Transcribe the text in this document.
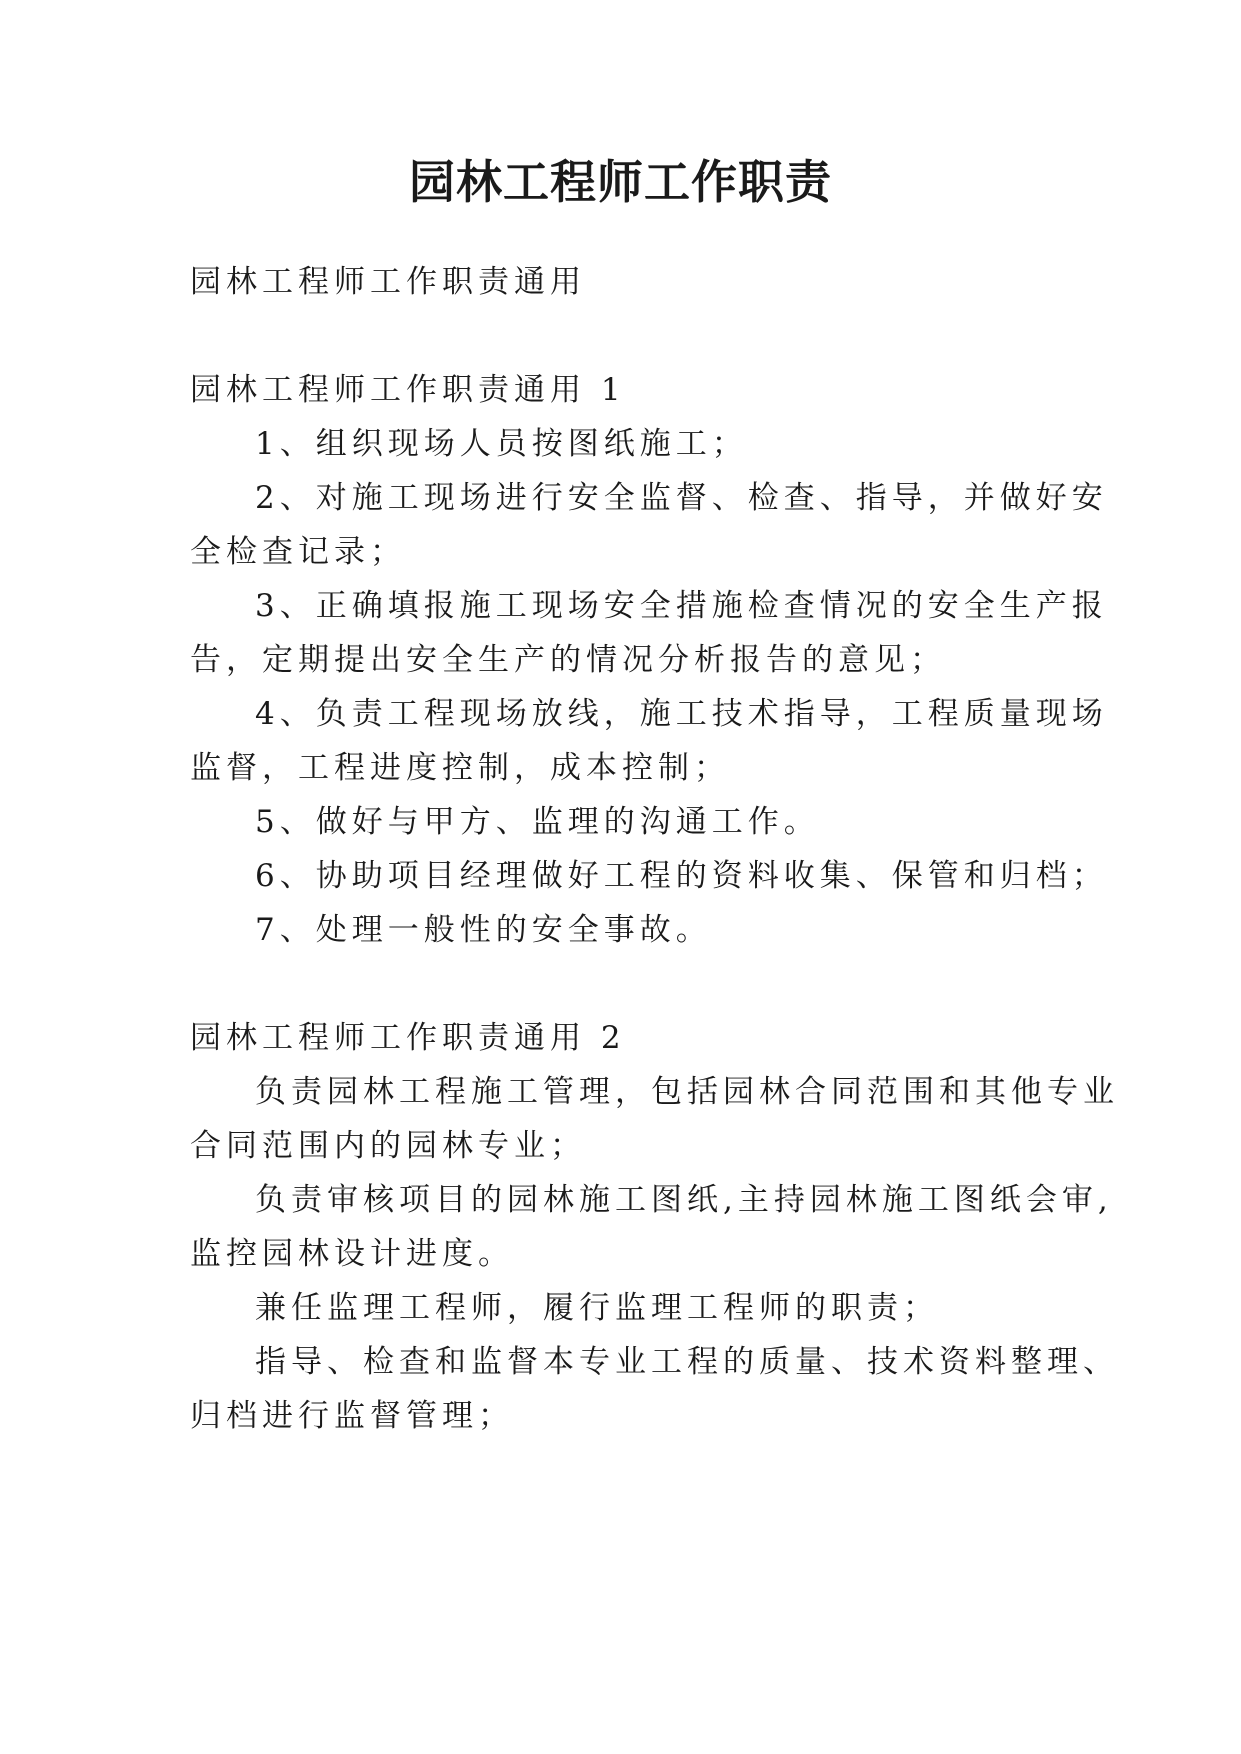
园林工程师工作职责
园林工程师工作职责通用
园林工程师工作职责通用 1
1、组织现场人员按图纸施工；
2、对施工现场进行安全监督、检查、指导，并做好安
全检查记录；
3、正确填报施工现场安全措施检查情况的安全生产报
告，定期提出安全生产的情况分析报告的意见；
4、负责工程现场放线，施工技术指导，工程质量现场
监督，工程进度控制，成本控制；
5、做好与甲方、监理的沟通工作。
6、协助项目经理做好工程的资料收集、保管和归档；
7、处理一般性的安全事故。
园林工程师工作职责通用 2
负责园林工程施工管理，包括园林合同范围和其他专业
合同范围内的园林专业；
负责审核项目的园林施工图纸,主持园林施工图纸会审,
监控园林设计进度。
兼任监理工程师，履行监理工程师的职责；
指导、检查和监督本专业工程的质量、技术资料整理、
归档进行监督管理；
